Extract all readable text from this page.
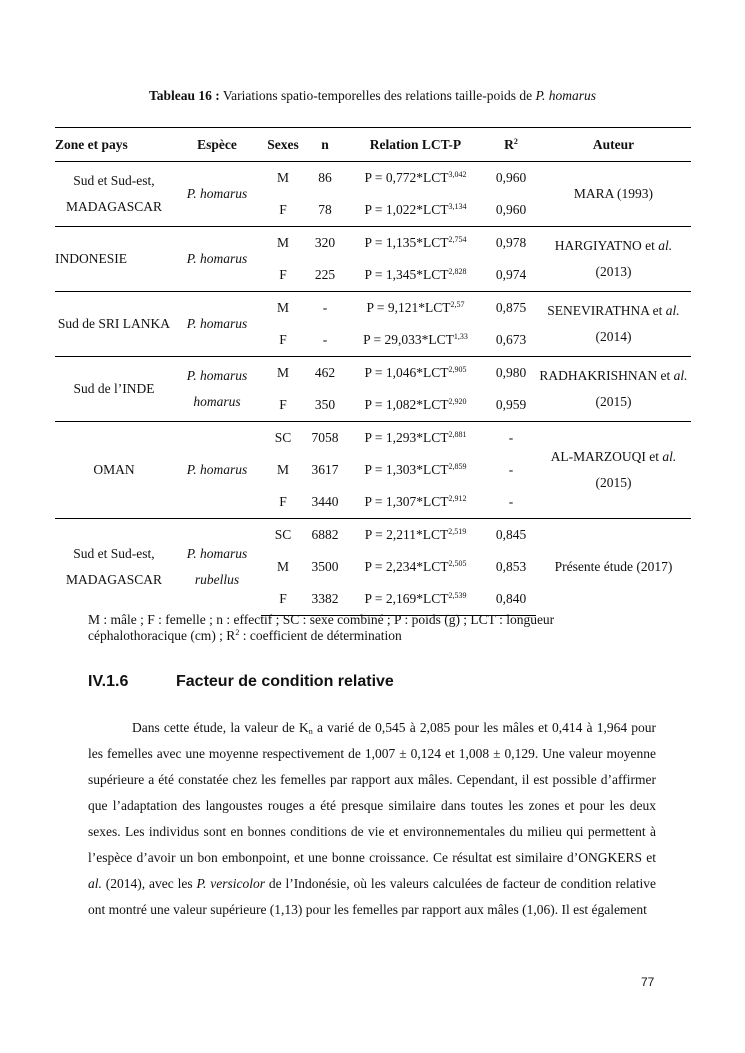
Tableau 16 : Variations spatio-temporelles des relations taille-poids de P. homarus
Zone et pays	Espèce	Sexes	n	Relation LCT-P	$R^2$	Auteur
Sud et Sud-est, MADAGASCAR	P. homarus	M	86	P = 0,772*LCT$^{3,042}$	0,960	MARA (1993)
		F	78	P = 1,022*LCT$^{3,134}$	0,960	
INDONESIE	P. homarus	M	320	P = 1,135*LCT$^{2,754}$	0,978	HARGIYATNO et al. (2013)
		F	225	P = 1,345*LCT$^{2,828}$	0,974	
Sud de SRI LANKA	P. homarus	M	-	P = 9,121*LCT$^{2,57}$	0,875	SENEVIRATHNA et al. (2014)
		F	-	P = 29,033*LCT$^{1,33}$	0,673	
Sud de l’INDE	P. homarus homarus	M	462	P = 1,046*LCT$^{2,905}$	0,980	RADHAKRISHNAN et al. (2015)
		F	350	P = 1,082*LCT$^{2,920}$	0,959	
OMAN	P. homarus	SC	7058	P = 1,293*LCT$^{2,881}$	-	AL-MARZOUQI et al. (2015)
		M	3617	P = 1,303*LCT$^{2,859}$	-	
		F	3440	P = 1,307*LCT$^{2,912}$	-	
Sud et Sud-est, MADAGASCAR	P. homarus rubellus	SC	6882	P = 2,211*LCT$^{2,519}$	0,845	Présente étude (2017)
		M	3500	P = 2,234*LCT$^{2,505}$	0,853	
		F	3382	P = 2,169*LCT$^{2,539}$	0,840	
M : mâle ; F : femelle ; n : effectif ; SC : sexe combiné ; P : poids (g) ; LCT : longueur céphalothoracique (cm) ; $R^2$ : coefficient de détermination
IV.1.6	Facteur de condition relative
Dans cette étude, la valeur de $K_n$ a varié de 0,545 à 2,085 pour les mâles et 0,414 à 1,964 pour les femelles avec une moyenne respectivement de 1,007 ± 0,124 et 1,008 ± 0,129. Une valeur moyenne supérieure a été constatée chez les femelles par rapport aux mâles. Cependant, il est possible d’affirmer que l’adaptation des langoustes rouges a été presque similaire dans toutes les zones et pour les deux sexes. Les individus sont en bonnes conditions de vie et environnementales du milieu qui permettent à l’espèce d’avoir un bon embonpoint, et une bonne croissance. Ce résultat est similaire d’ONGKERS et al. (2014), avec les P. versicolor de l’Indonésie, où les valeurs calculées de facteur de condition relative ont montré une valeur supérieure (1,13) pour les femelles par rapport aux mâles (1,06). Il est également
77
